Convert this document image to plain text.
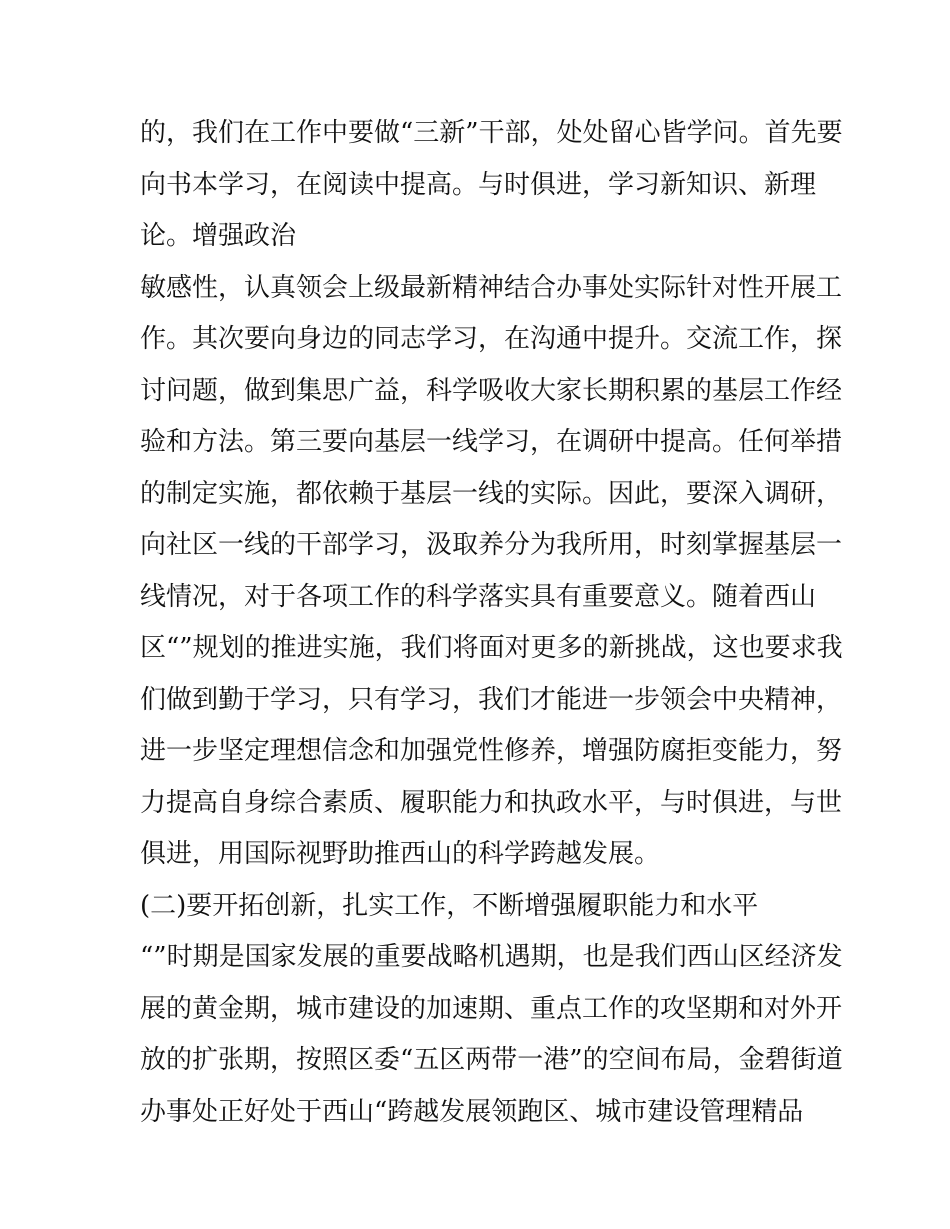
的，我们在工作中要做“三新”干部，处处留心皆学问。首先要
向书本学习，在阅读中提高。与时俱进，学习新知识、新理
论。增强政治
敏感性，认真领会上级最新精神结合办事处实际针对性开展工
作。其次要向身边的同志学习，在沟通中提升。交流工作，探
讨问题，做到集思广益，科学吸收大家长期积累的基层工作经
验和方法。第三要向基层一线学习，在调研中提高。任何举措
的制定实施，都依赖于基层一线的实际。因此，要深入调研，
向社区一线的干部学习，汲取养分为我所用，时刻掌握基层一
线情况，对于各项工作的科学落实具有重要意义。随着西山
区“”规划的推进实施，我们将面对更多的新挑战，这也要求我
们做到勤于学习，只有学习，我们才能进一步领会中央精神，
进一步坚定理想信念和加强党性修养，增强防腐拒变能力，努
力提高自身综合素质、履职能力和执政水平，与时俱进，与世
俱进，用国际视野助推西山的科学跨越发展。
(二)要开拓创新，扎实工作，不断增强履职能力和水平
“”时期是国家发展的重要战略机遇期，也是我们西山区经济发
展的黄金期，城市建设的加速期、重点工作的攻坚期和对外开
放的扩张期，按照区委“五区两带一港”的空间布局，金碧街道
办事处正好处于西山“跨越发展领跑区、城市建设管理精品
